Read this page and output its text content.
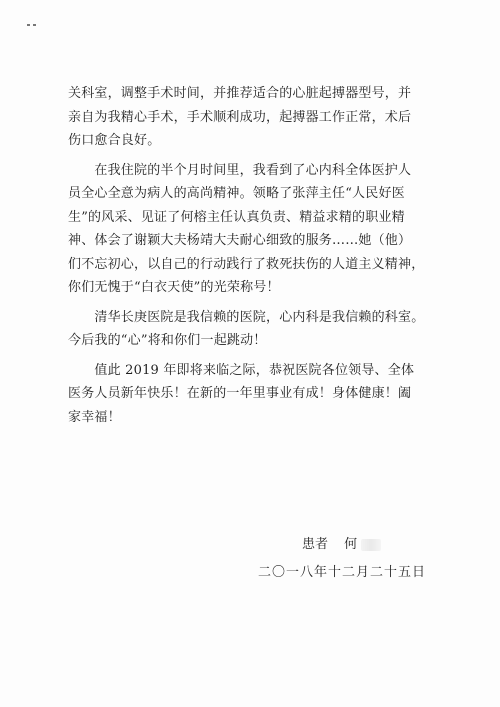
关科室，调整手术时间，并推荐适合的心脏起搏器型号，并
亲自为我精心手术，手术顺利成功，起搏器工作正常，术后
伤口愈合良好。
　　在我住院的半个月时间里，我看到了心内科全体医护人
员全心全意为病人的高尚精神。领略了张萍主任“人民好医
生”的风采、见证了何榕主任认真负责、精益求精的职业精
神、体会了谢颖大夫杨靖大夫耐心细致的服务……她（他）
们不忘初心，以自己的行动践行了救死扶伤的人道主义精神，
你们无愧于“白衣天使”的光荣称号！
　　清华长庚医院是我信赖的医院，心内科是我信赖的科室。
今后我的“心”将和你们一起跳动！
　　值此 2019 年即将来临之际，恭祝医院各位领导、全体
医务人员新年快乐！在新的一年里事业有成！身体健康！阖
家幸福！
患者 何
二〇一八年十二月二十五日
